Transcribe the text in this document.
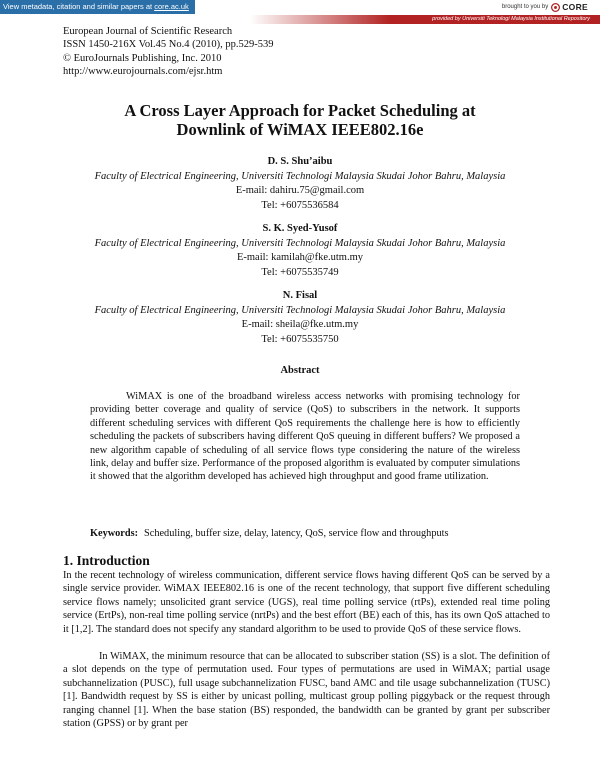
View metadata, citation and similar papers at core.ac.uk	brought to you by CORE
provided by Universiti Teknologi Malaysia Institutional Repository
European Journal of Scientific Research
ISSN 1450-216X Vol.45 No.4 (2010), pp.529-539
© EuroJournals Publishing, Inc. 2010
http://www.eurojournals.com/ejsr.htm
A Cross Layer Approach for Packet Scheduling at
Downlink of WiMAX IEEE802.16e
D. S. Shu’aibu
Faculty of Electrical Engineering, Universiti Technologi Malaysia Skudai Johor Bahru, Malaysia
E-mail: dahiru.75@gmail.com
Tel: +6075536584
S. K. Syed-Yusof
Faculty of Electrical Engineering, Universiti Technologi Malaysia Skudai Johor Bahru, Malaysia
E-mail: kamilah@fke.utm.my
Tel: +6075535749
N. Fisal
Faculty of Electrical Engineering, Universiti Technologi Malaysia Skudai Johor Bahru, Malaysia
E-mail: sheila@fke.utm.my
Tel: +6075535750
Abstract
WiMAX is one of the broadband wireless access networks with promising technology for providing better coverage and quality of service (QoS) to subscribers in the network. It supports different scheduling services with different QoS requirements the challenge here is how to efficiently scheduling the packets of subscribers having different QoS queuing in different buffers? We proposed a new algorithm capable of scheduling of all service flows type considering the nature of the wireless link, delay and buffer size. Performance of the proposed algorithm is evaluated by computer simulations it showed that the algorithm developed has achieved high throughput and good frame utilization.
Keywords: Scheduling, buffer size, delay, latency, QoS, service flow and throughputs
1. Introduction
In the recent technology of wireless communication, different service flows having different QoS can be served by a single service provider. WiMAX IEEE802.16 is one of the recent technology, that support five different scheduling service flows namely; unsolicited grant service (UGS), real time polling service (rtPs), extended real time poling service (ErtPs), non-real time polling service (nrtPs) and the best effort (BE) each of this, has its own QoS attached to it [1,2]. The standard does not specify any standard algorithm to be used to provide QoS of these service flows.
In WiMAX, the minimum resource that can be allocated to subscriber station (SS) is a slot. The definition of a slot depends on the type of permutation used. Four types of permutations are used in WiMAX; partial usage subchannelization (PUSC), full usage subchannelization FUSC, band AMC and tile usage subchannelization (TUSC) [1]. Bandwidth request by SS is either by unicast polling, multicast group polling piggyback or the request through ranging channel [1]. When the base station (BS) responded, the bandwidth can be granted by grant per subscriber station (GPSS) or by grant per
